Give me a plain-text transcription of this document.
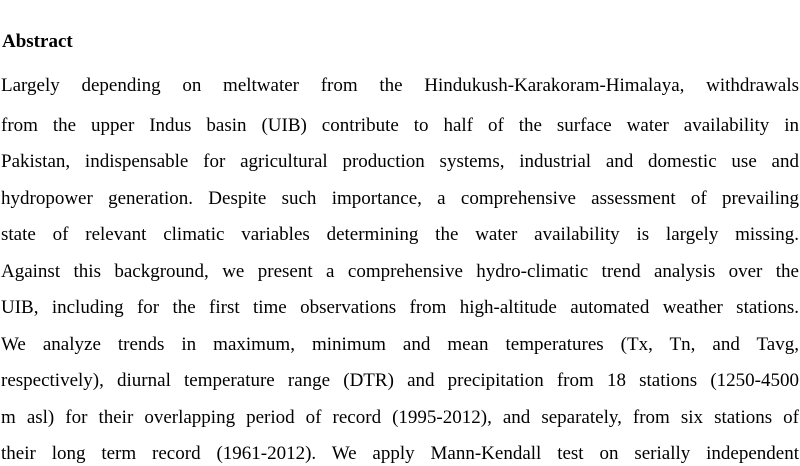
Abstract
Largely depending on meltwater from the Hindukush-Karakoram-Himalaya, withdrawals
from the upper Indus basin (UIB) contribute to half of the surface water availability in
Pakistan, indispensable for agricultural production systems, industrial and domestic use and
hydropower generation. Despite such importance, a comprehensive assessment of prevailing
state of relevant climatic variables determining the water availability is largely missing.
Against this background, we present a comprehensive hydro-climatic trend analysis over the
UIB, including for the first time observations from high-altitude automated weather stations.
We analyze trends in maximum, minimum and mean temperatures (Tx, Tn, and Tavg,
respectively), diurnal temperature range (DTR) and precipitation from 18 stations (1250-4500
m asl) for their overlapping period of record (1995-2012), and separately, from six stations of
their long term record (1961-2012). We apply Mann-Kendall test on serially independent
